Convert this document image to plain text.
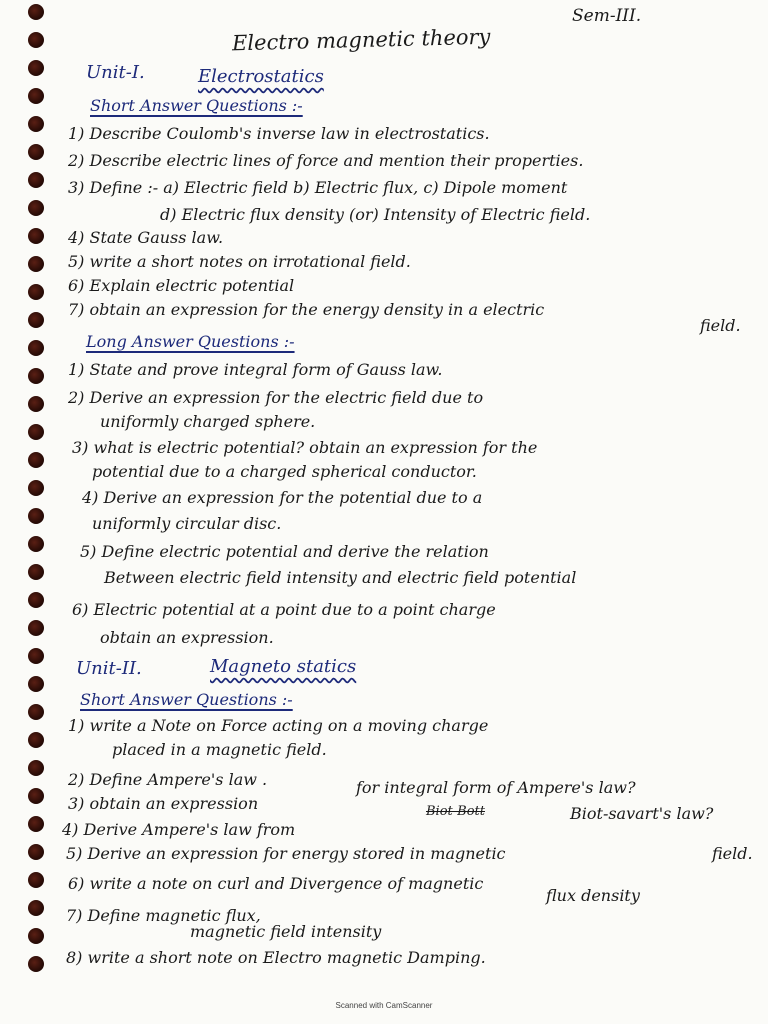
Sem-III.
Electro magnetic theory
Unit-I.	Electrostatics
Short Answer Questions :-
1) Describe Coulomb's inverse law in electrostatics.
2) Describe electric lines of force and mention their properties.
3) Define :- a) Electric field b) Electric flux, c) Dipole moment
d) Electric flux density (or) Intensity of Electric field.
4) State Gauss law.
5) write a short notes on irrotational field.
6) Explain electric potential
7) obtain an expression for the energy density in a electric
field.
Long Answer Questions :-
1) State and prove integral form of Gauss law.
2) Derive an expression for the electric field due to
uniformly charged sphere.
3) what is electric potential? obtain an expression for the
potential due to a charged spherical conductor.
4) Derive an expression for the potential due to a
uniformly circular disc.
5) Define electric potential and derive the relation
Between electric field intensity and electric field potential
6) Electric potential at a point due to a point charge
obtain an expression.
Unit-II.	Magneto statics
Short Answer Questions :-
1) write a Note on Force acting on a moving charge
placed in a magnetic field.
2) Define Ampere's law .
3) obtain an expression
for integral form of Ampere's law?
4) Derive Ampere's law from
Biot-Bott	Biot-savart's law?
5) Derive an expression for energy stored in magnetic	field.
6) write a note on curl and Divergence of magnetic
flux density
7) Define magnetic flux,
magnetic field intensity
8) write a short note on Electro magnetic Damping.
Scanned with CamScanner
